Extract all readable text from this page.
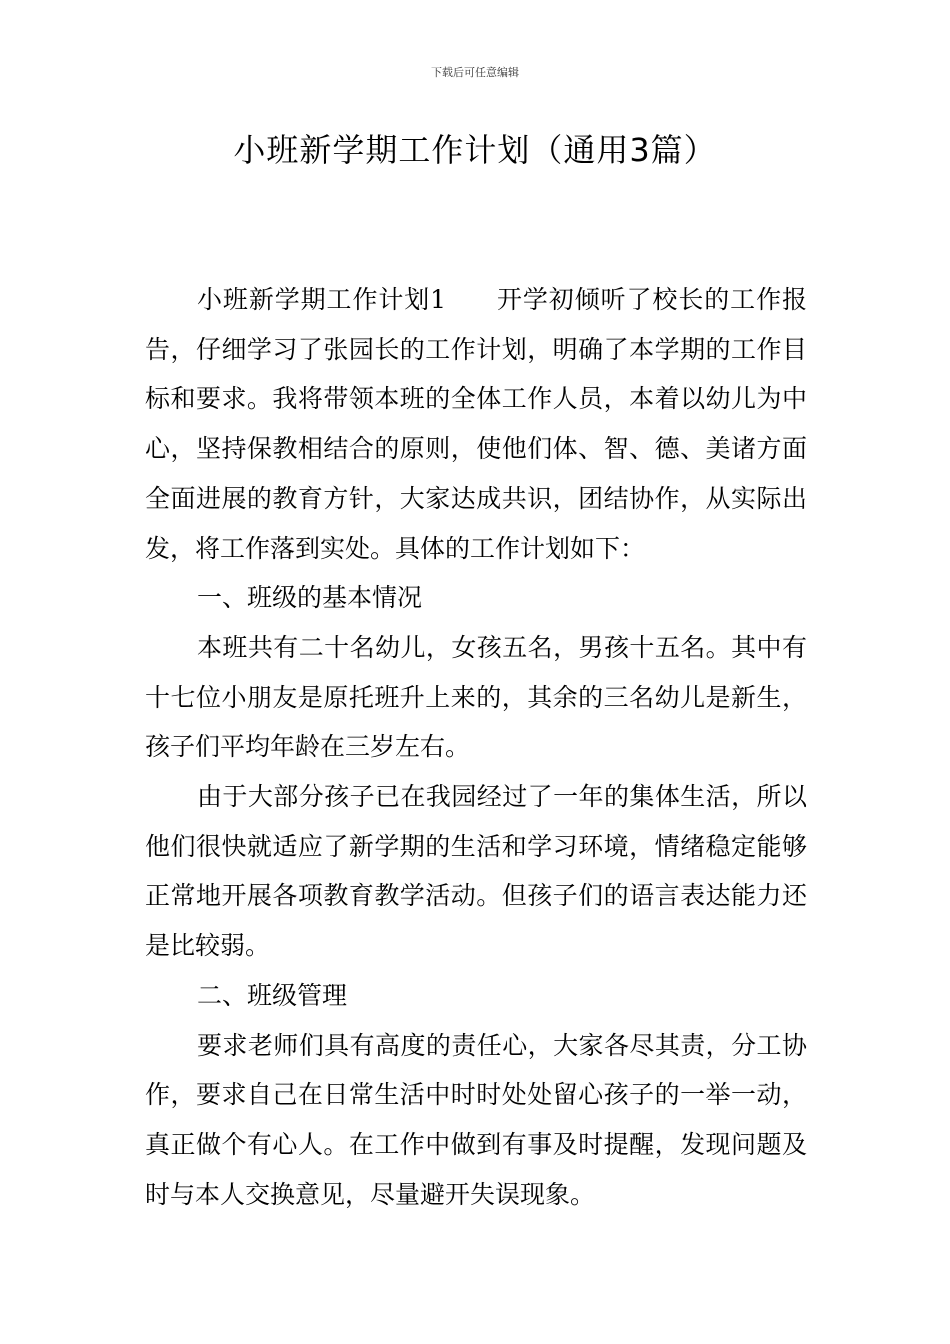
下载后可任意编辑
小班新学期工作计划（通用3篇）

小班新学期工作计划1 开学初倾听了校长的工作报告，仔细学习了张园长的工作计划，明确了本学期的工作目标和要求。我将带领本班的全体工作人员，本着以幼儿为中心，坚持保教相结合的原则，使他们体、智、德、美诸方面全面进展的教育方针，大家达成共识，团结协作，从实际出发，将工作落到实处。具体的工作计划如下：

一、班级的基本情况

本班共有二十名幼儿，女孩五名，男孩十五名。其中有十七位小朋友是原托班升上来的，其余的三名幼儿是新生，孩子们平均年龄在三岁左右。

由于大部分孩子已在我园经过了一年的集体生活，所以他们很快就适应了新学期的生活和学习环境，情绪稳定能够正常地开展各项教育教学活动。但孩子们的语言表达能力还是比较弱。

二、班级管理

要求老师们具有高度的责任心，大家各尽其责，分工协作，要求自己在日常生活中时时处处留心孩子的一举一动，真正做个有心人。在工作中做到有事及时提醒，发现问题及时与本人交换意见，尽量避开失误现象。
